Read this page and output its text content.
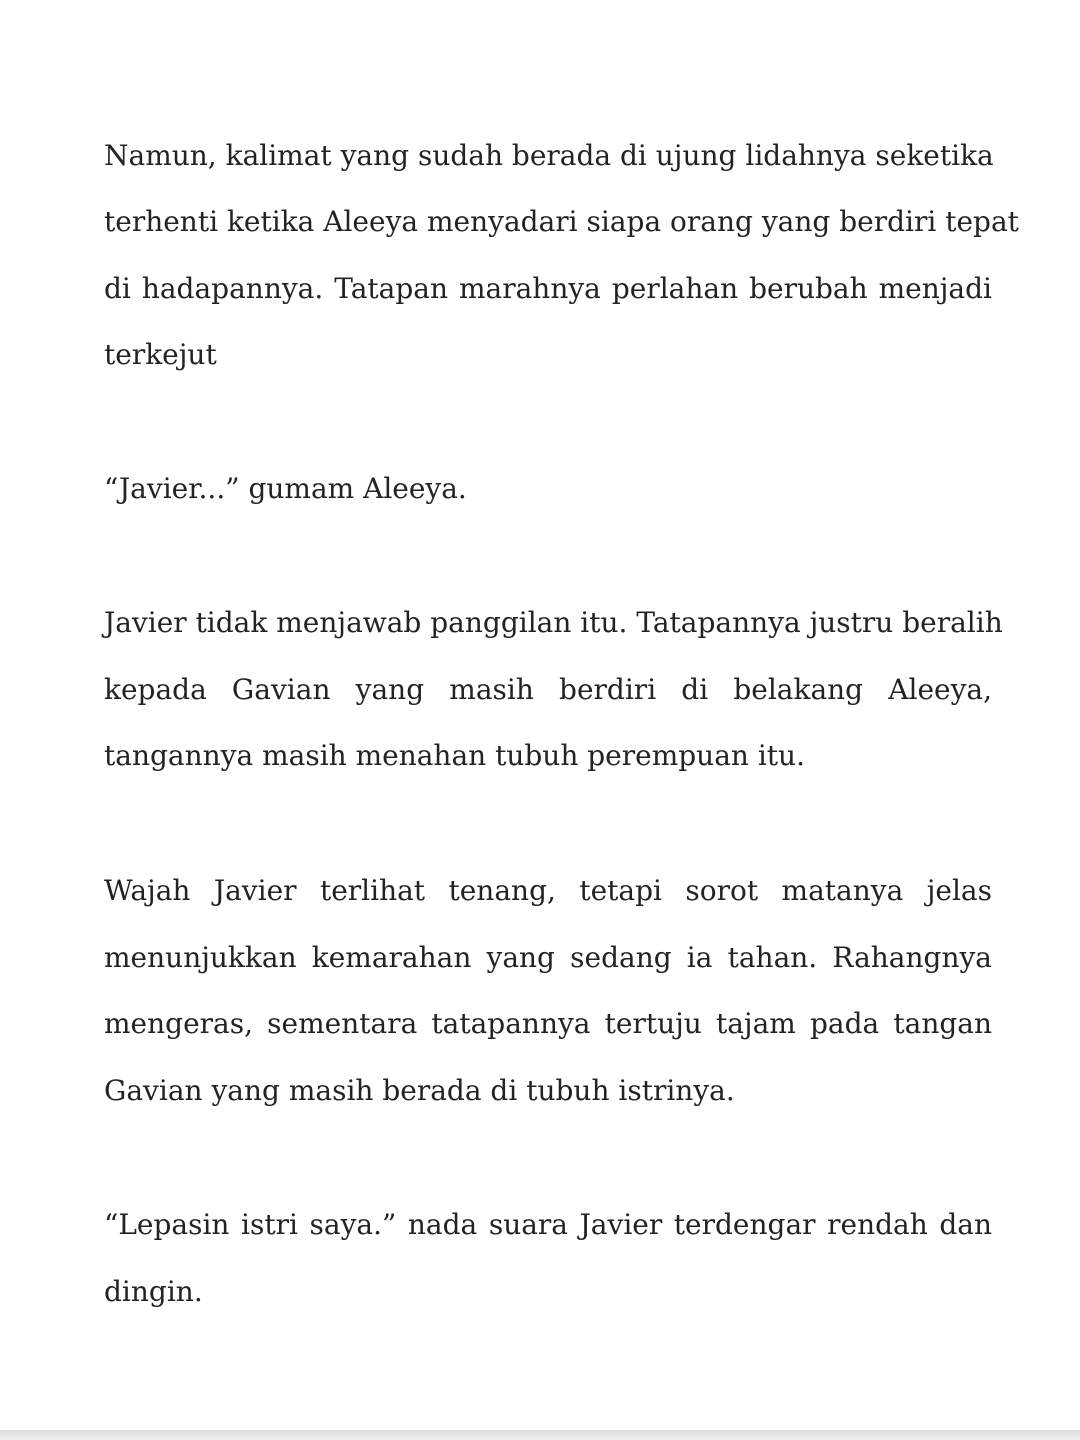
Namun, kalimat yang sudah berada di ujung lidahnya seketika
terhenti ketika Aleeya menyadari siapa orang yang berdiri tepat
di hadapannya. Tatapan marahnya perlahan berubah menjadi
terkejut
“Javier...” gumam Aleeya.
Javier tidak menjawab panggilan itu. Tatapannya justru beralih
kepada Gavian yang masih berdiri di belakang Aleeya,
tangannya masih menahan tubuh perempuan itu.
Wajah Javier terlihat tenang, tetapi sorot matanya jelas
menunjukkan kemarahan yang sedang ia tahan. Rahangnya
mengeras, sementara tatapannya tertuju tajam pada tangan
Gavian yang masih berada di tubuh istrinya.
“Lepasin istri saya.” nada suara Javier terdengar rendah dan
dingin.
